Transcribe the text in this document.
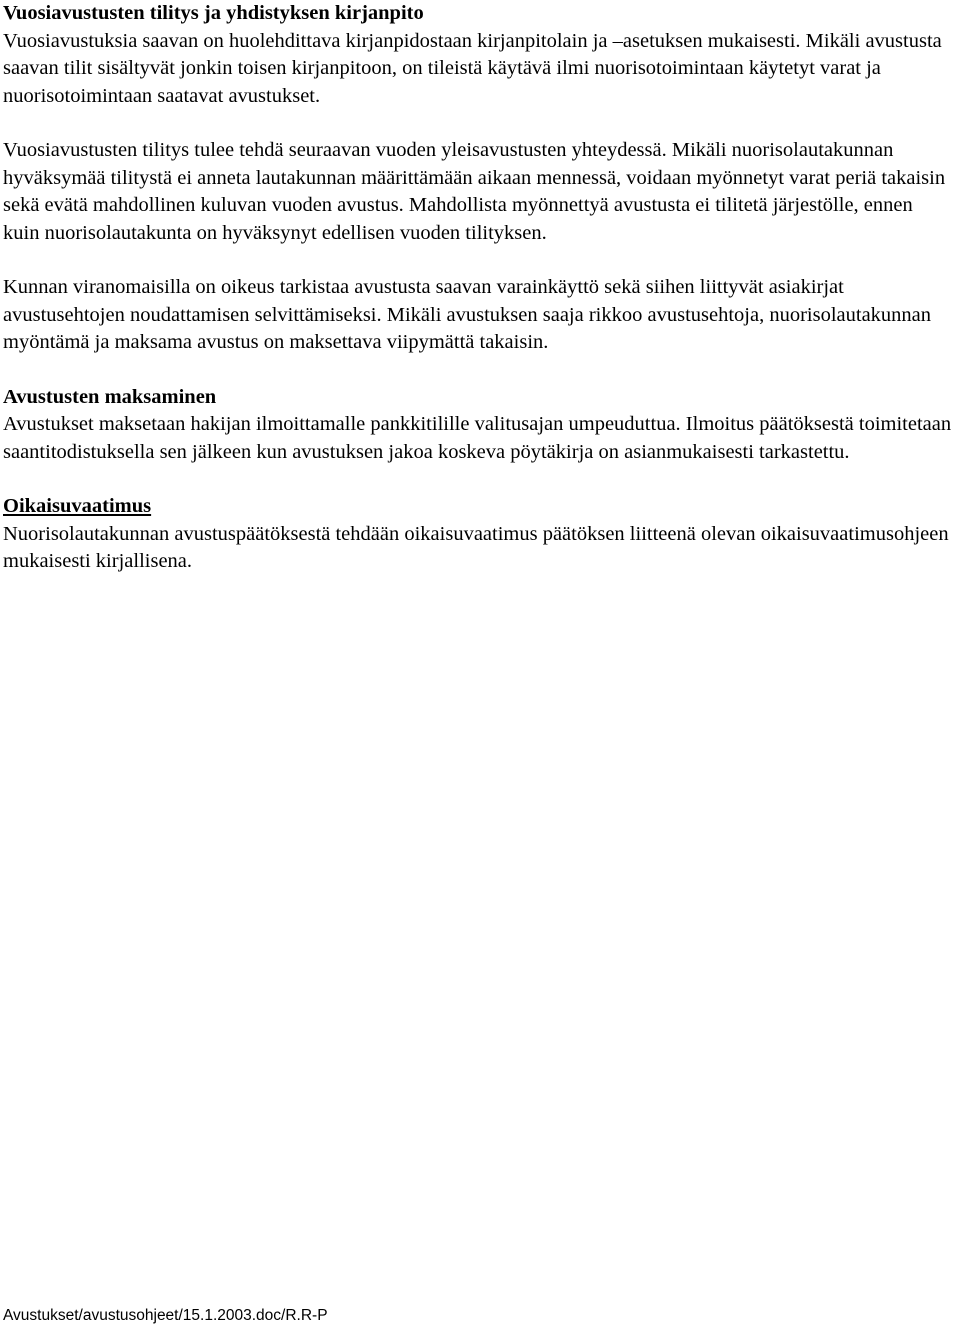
Vuosiavustusten tilitys ja yhdistyksen kirjanpito
Vuosiavustuksia saavan on huolehdittava kirjanpidostaan kirjanpitolain ja –asetuksen mukaisesti. Mikäli avustusta saavan tilit sisältyvät jonkin toisen kirjanpitoon, on tileistä käytävä ilmi nuorisotoimintaan käytetyt varat ja nuorisotoimintaan saatavat avustukset.
Vuosiavustusten tilitys tulee tehdä seuraavan vuoden yleisavustusten yhteydessä. Mikäli nuorisolautakunnan hyväksymää tilitystä ei anneta lautakunnan määrittämään aikaan mennessä, voidaan myönnetyt varat periä takaisin sekä evätä mahdollinen kuluvan vuoden avustus. Mahdollista myönnettyä avustusta ei tilitetä järjestölle, ennen kuin nuorisolautakunta on hyväksynyt edellisen vuoden tilityksen.
Kunnan viranomaisilla on oikeus tarkistaa avustusta saavan varainkäyttö sekä siihen liittyvät asiakirjat avustusehtojen noudattamisen selvittämiseksi. Mikäli avustuksen saaja rikkoo avustusehtoja, nuorisolautakunnan myöntämä ja maksama avustus on maksettava viipymättä takaisin.
Avustusten maksaminen
Avustukset maksetaan hakijan ilmoittamalle pankkitilille valitusajan umpeuduttua. Ilmoitus päätöksestä toimitetaan saantitodistuksella sen jälkeen kun avustuksen jakoa koskeva pöytäkirja on asianmukaisesti tarkastettu.
Oikaisuvaatimus
Nuorisolautakunnan avustuspäätöksestä tehdään oikaisuvaatimus päätöksen liitteenä olevan oikaisuvaatimusohjeen mukaisesti kirjallisena.
Avustukset/avustusohjeet/15.1.2003.doc/R.R-P
